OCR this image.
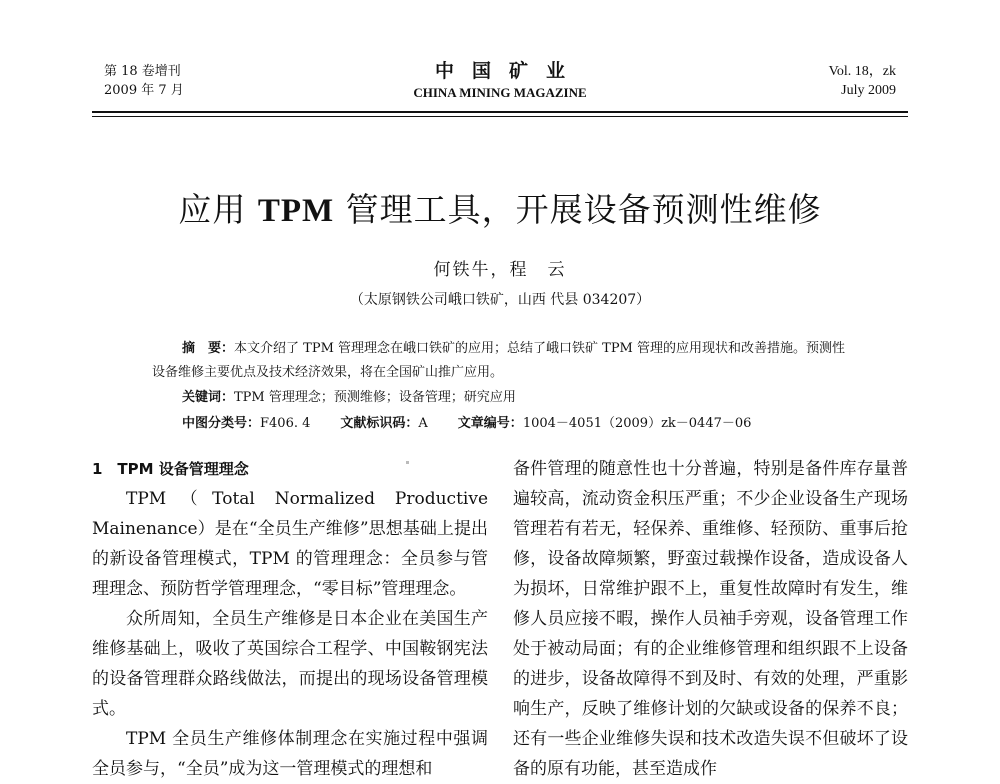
第 18 卷增刊
2009 年 7 月
中国矿业
CHINA MINING MAGAZINE
Vol. 18，zk
July 2009
应用 TPM 管理工具，开展设备预测性维修
何铁牛，程　云
（太原钢铁公司峨口铁矿，山西 代县 034207）
摘　要：本文介绍了 TPM 管理理念在峨口铁矿的应用；总结了峨口铁矿 TPM 管理的应用现状和改善措施。预测性设备维修主要优点及技术经济效果，将在全国矿山推广应用。
关键词：TPM 管理理念；预测维修；设备管理；研究应用
中图分类号：F406. 4 文献标识码：A 文章编号：1004－4051（2009）zk－0447－06

1　TPM 设备管理理念

TPM（Total Normalized Productive Mainenance）是在“全员生产维修”思想基础上提出的新设备管理模式，TPM 的管理理念：全员参与管理理念、预防哲学管理理念，“零目标”管理理念。

众所周知，全员生产维修是日本企业在美国生产维修基础上，吸收了英国综合工程学、中国鞍钢宪法的设备管理群众路线做法，而提出的现场设备管理模式。

TPM 全员生产维修体制理念在实施过程中强调全员参与，“全员”成为这一管理模式的理想和

备件管理的随意性也十分普遍，特别是备件库存量普遍较高，流动资金积压严重；不少企业设备生产现场管理若有若无，轻保养、重维修、轻预防、重事后抢修，设备故障频繁，野蛮过载操作设备，造成设备人为损坏，日常维护跟不上，重复性故障时有发生，维修人员应接不暇，操作人员袖手旁观，设备管理工作处于被动局面；有的企业维修管理和组织跟不上设备的进步，设备故障得不到及时、有效的处理，严重影响生产，反映了维修计划的欠缺或设备的保养不良；还有一些企业维修失误和技术改造失误不但破坏了设备的原有功能，甚至造成作
